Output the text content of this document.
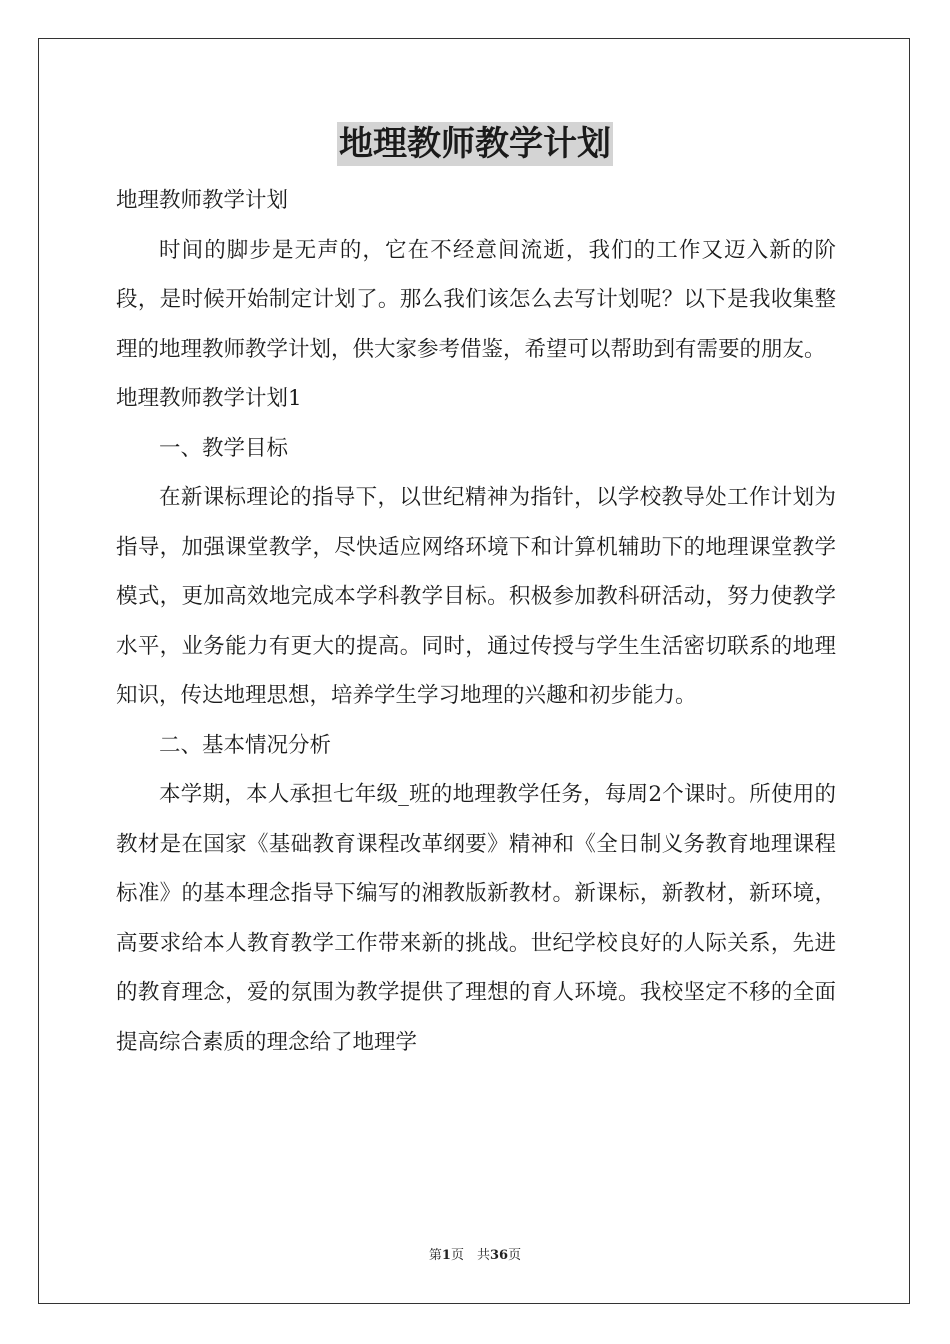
地理教师教学计划

地理教师教学计划

时间的脚步是无声的，它在不经意间流逝，我们的工作又迈入新的阶段，是时候开始制定计划了。那么我们该怎么去写计划呢？以下是我收集整理的地理教师教学计划，供大家参考借鉴，希望可以帮助到有需要的朋友。

地理教师教学计划1

一、教学目标

在新课标理论的指导下，以世纪精神为指针，以学校教导处工作计划为指导，加强课堂教学，尽快适应网络环境下和计算机辅助下的地理课堂教学模式，更加高效地完成本学科教学目标。积极参加教科研活动，努力使教学水平，业务能力有更大的提高。同时，通过传授与学生生活密切联系的地理知识，传达地理思想，培养学生学习地理的兴趣和初步能力。

二、基本情况分析

本学期，本人承担七年级_班的地理教学任务，每周2个课时。所使用的教材是在国家《基础教育课程改革纲要》精神和《全日制义务教育地理课程标准》的基本理念指导下编写的湘教版新教材。新课标，新教材，新环境，高要求给本人教育教学工作带来新的挑战。世纪学校良好的人际关系，先进的教育理念，爱的氛围为教学提供了理想的育人环境。我校坚定不移的全面提高综合素质的理念给了地理学

第1页　共36页
